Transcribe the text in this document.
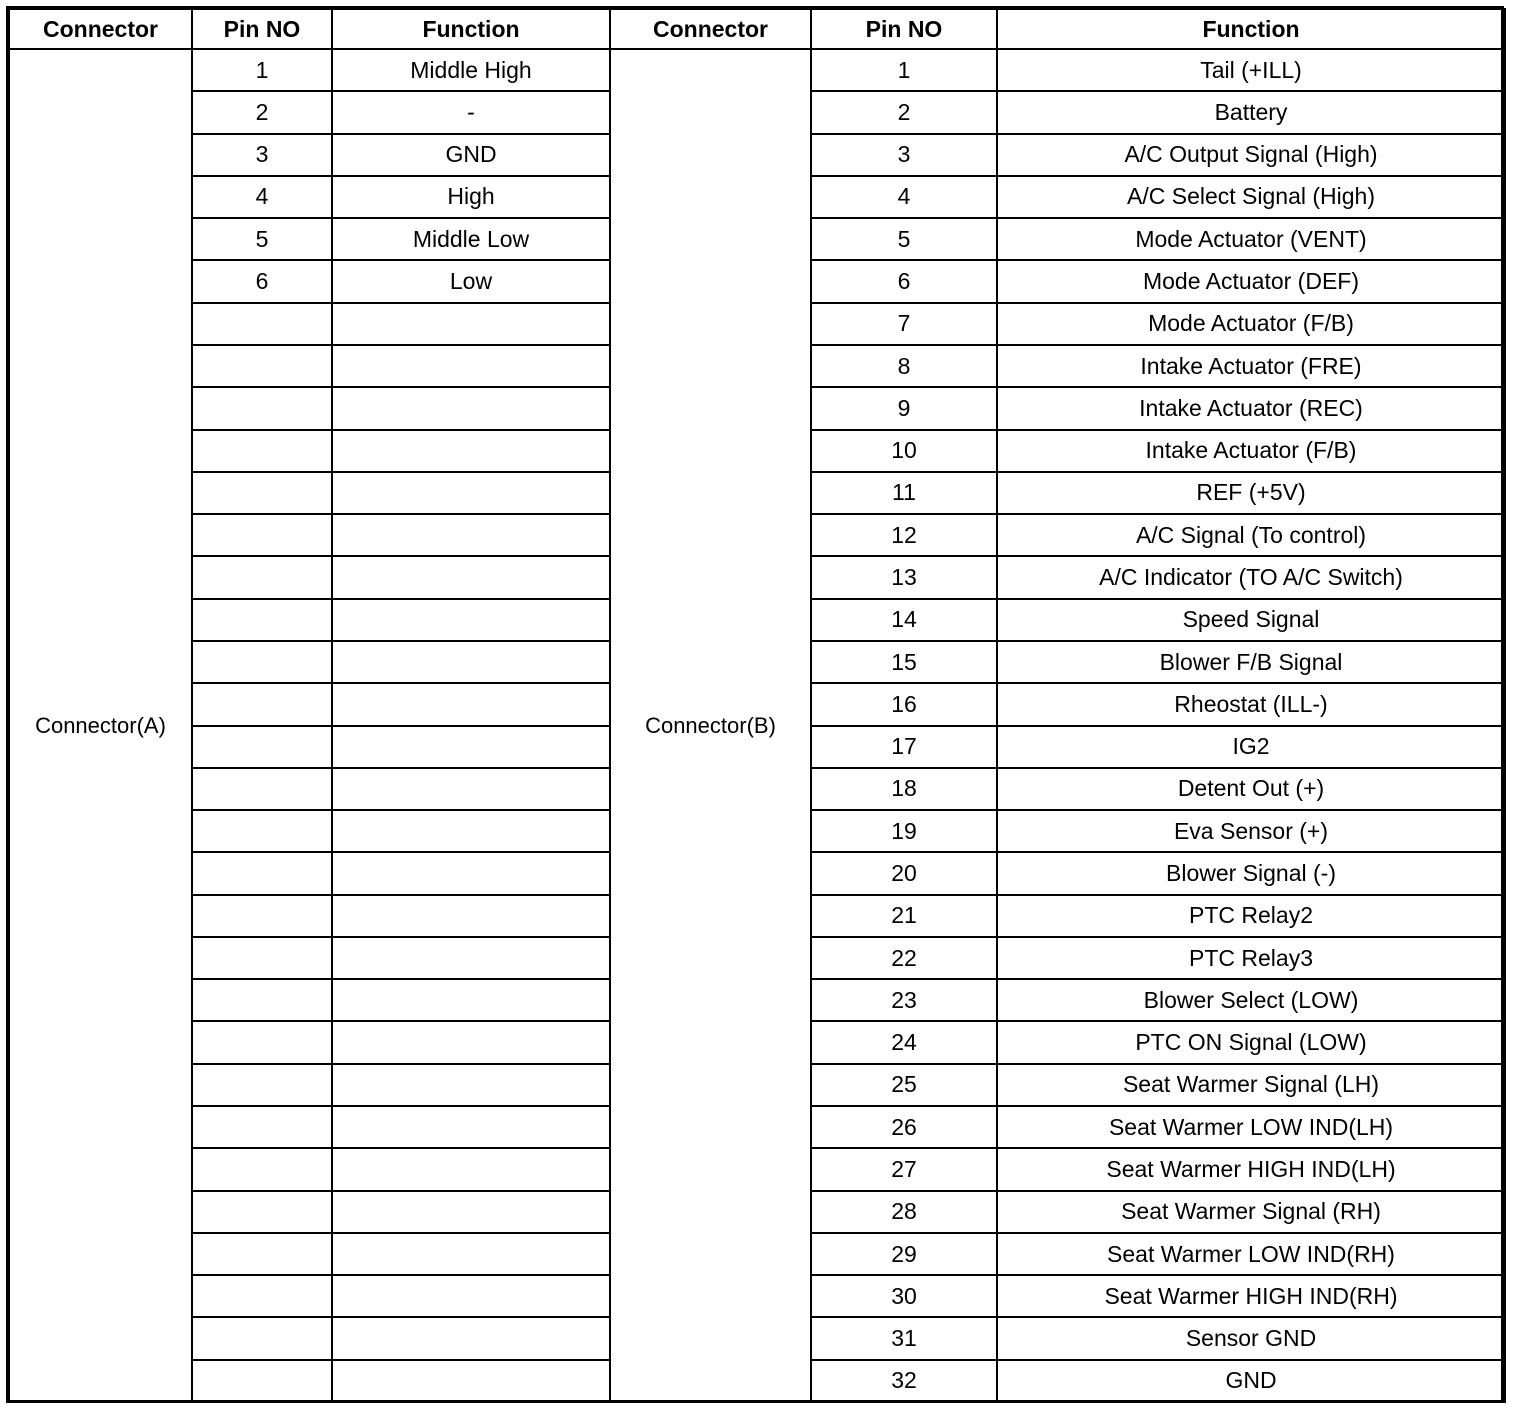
Connector	Pin NO	Function	Connector	Pin NO	Function
Connector(A)	1	Middle High	Connector(B)	1	Tail (+ILL)
	2	-		2	Battery
	3	GND		3	A/C Output Signal (High)
	4	High		4	A/C Select Signal (High)
	5	Middle Low		5	Mode Actuator (VENT)
	6	Low		6	Mode Actuator (DEF)
				7	Mode Actuator (F/B)
				8	Intake Actuator (FRE)
				9	Intake Actuator (REC)
				10	Intake Actuator (F/B)
				11	REF (+5V)
				12	A/C Signal (To control)
				13	A/C Indicator (TO A/C Switch)
				14	Speed Signal
				15	Blower F/B Signal
				16	Rheostat (ILL-)
				17	IG2
				18	Detent Out (+)
				19	Eva Sensor (+)
				20	Blower Signal (-)
				21	PTC Relay2
				22	PTC Relay3
				23	Blower Select (LOW)
				24	PTC ON Signal (LOW)
				25	Seat Warmer Signal (LH)
				26	Seat Warmer LOW IND(LH)
				27	Seat Warmer HIGH IND(LH)
				28	Seat Warmer Signal (RH)
				29	Seat Warmer LOW IND(RH)
				30	Seat Warmer HIGH IND(RH)
				31	Sensor GND
				32	GND
